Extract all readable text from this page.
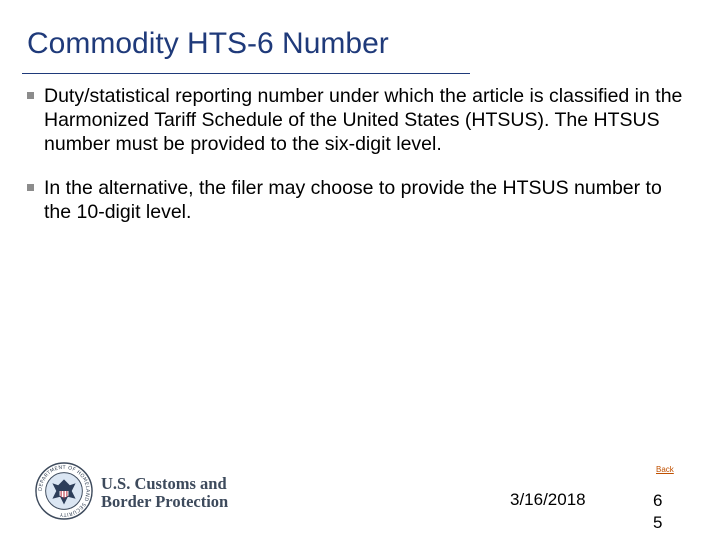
Commodity HTS-6 Number
Duty/statistical reporting number under which the article is classified in the Harmonized Tariff Schedule of the United States (HTSUS). The HTSUS number must be provided to the six-digit level.
In the alternative, the filer may choose to provide the HTSUS number to the 10-digit level.
DEPARTMENT OF HOMELAND SECURITY
U.S. Customs and
Border Protection
Back
3/16/2018	6
5
